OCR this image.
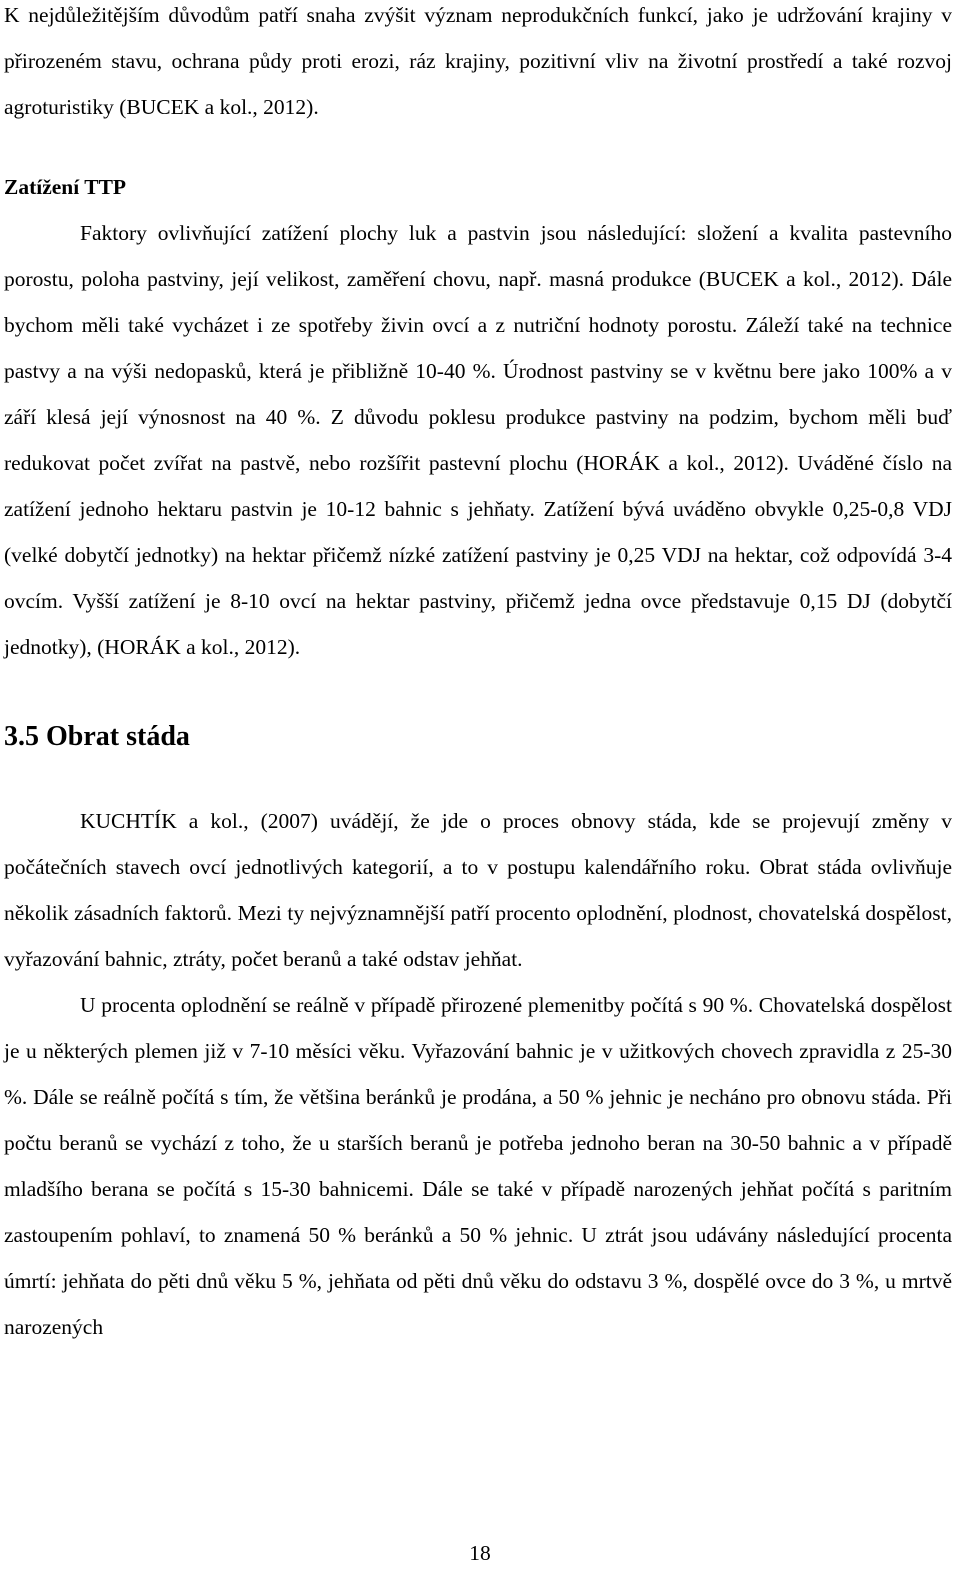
K nejdůležitějším důvodům patří snaha zvýšit význam neprodukčních funkcí, jako je udržování krajiny v přirozeném stavu, ochrana půdy proti erozi, ráz krajiny, pozitivní vliv na životní prostředí a také rozvoj agroturistiky (BUCEK a kol., 2012).

Zatížení TTP

Faktory ovlivňující zatížení plochy luk a pastvin jsou následující: složení a kvalita pastevního porostu, poloha pastviny, její velikost, zaměření chovu, např. masná produkce (BUCEK a kol., 2012). Dále bychom měli také vycházet i ze spotřeby živin ovcí a z nutriční hodnoty porostu. Záleží také na technice pastvy a na výši nedopasků, která je přibližně 10-40 %. Úrodnost pastviny se v květnu bere jako 100% a v září klesá její výnosnost na 40 %. Z důvodu poklesu produkce pastviny na podzim, bychom měli buď redukovat počet zvířat na pastvě, nebo rozšířit pastevní plochu (HORÁK a kol., 2012). Uváděné číslo na zatížení jednoho hektaru pastvin je 10-12 bahnic s jehňaty. Zatížení bývá uváděno obvykle 0,25-0,8 VDJ (velké dobytčí jednotky) na hektar přičemž nízké zatížení pastviny je 0,25 VDJ na hektar, což odpovídá 3-4 ovcím. Vyšší zatížení je 8-10 ovcí na hektar pastviny, přičemž jedna ovce představuje 0,15 DJ (dobytčí jednotky), (HORÁK a kol., 2012).

3.5 Obrat stáda

KUCHTÍK a kol., (2007) uvádějí, že jde o proces obnovy stáda, kde se projevují změny v počátečních stavech ovcí jednotlivých kategorií, a to v postupu kalendářního roku. Obrat stáda ovlivňuje několik zásadních faktorů. Mezi ty nejvýznamnější patří procento oplodnění, plodnost, chovatelská dospělost, vyřazování bahnic, ztráty, počet beranů a také odstav jehňat.

U procenta oplodnění se reálně v případě přirozené plemenitby počítá s 90 %. Chovatelská dospělost je u některých plemen již v 7-10 měsíci věku. Vyřazování bahnic je v užitkových chovech zpravidla z 25-30 %. Dále se reálně počítá s tím, že většina beránků je prodána, a 50 % jehnic je necháno pro obnovu stáda. Při počtu beranů se vychází z toho, že u starších beranů je potřeba jednoho beran na 30-50 bahnic a v případě mladšího berana se počítá s 15-30 bahnicemi. Dále se také v případě narozených jehňat počítá s paritním zastoupením pohlaví, to znamená 50 % beránků a 50 % jehnic. U ztrát jsou udávány následující procenta úmrtí: jehňata do pěti dnů věku 5 %, jehňata od pěti dnů věku do odstavu 3 %, dospělé ovce do 3 %, u mrtvě narozených

18
